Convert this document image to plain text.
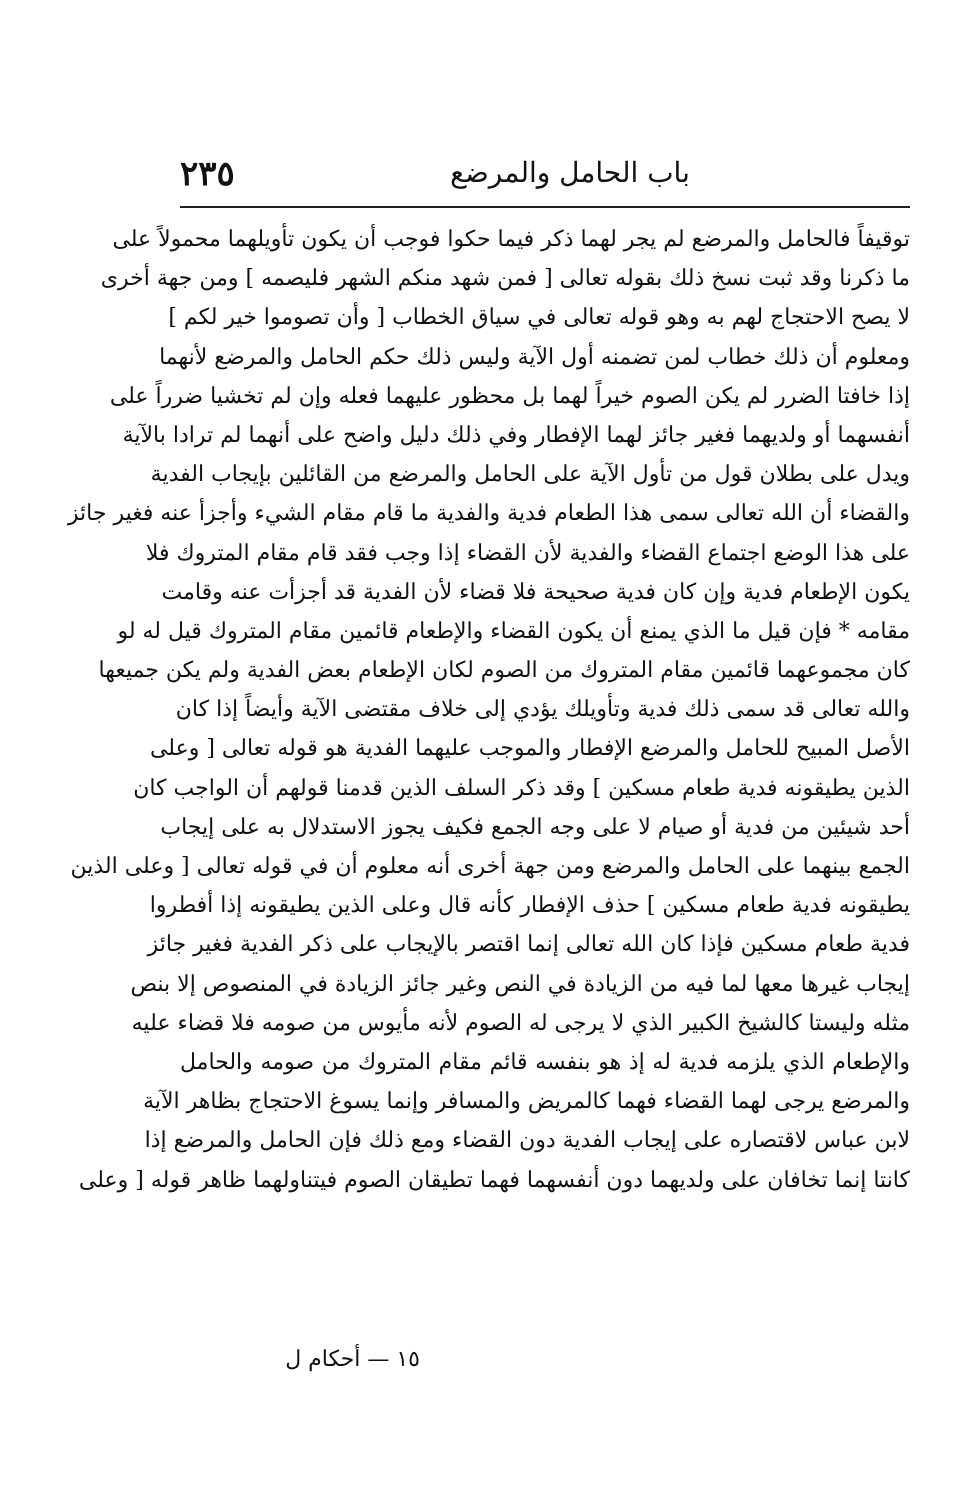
باب الحامل والمرضع
٢٣٥
توقيفاً فالحامل والمرضع لم يجر لهما ذكر فيما حكوا فوجب أن يكون تأويلهما محمولاً على
ما ذكرنا وقد ثبت نسخ ذلك بقوله تعالى [ فمن شهد منكم الشهر فليصمه ] ومن جهة أخرى
لا يصح الاحتجاج لهم به وهو قوله تعالى في سياق الخطاب [ وأن تصوموا خير لكم ]
ومعلوم أن ذلك خطاب لمن تضمنه أول الآية وليس ذلك حكم الحامل والمرضع لأنهما
إذا خافتا الضرر لم يكن الصوم خيراً لهما بل محظور عليهما فعله وإن لم تخشيا ضرراً على
أنفسهما أو ولديهما فغير جائز لهما الإفطار وفي ذلك دليل واضح على أنهما لم ترادا بالآية
ويدل على بطلان قول من تأول الآية على الحامل والمرضع من القائلين بإيجاب الفدية
والقضاء أن الله تعالى سمى هذا الطعام فدية والفدية ما قام مقام الشيء وأجزأ عنه فغير جائز
على هذا الوضع اجتماع القضاء والفدية لأن القضاء إذا وجب فقد قام مقام المتروك فلا
يكون الإطعام فدية وإن كان فدية صحيحة فلا قضاء لأن الفدية قد أجزأت عنه وقامت
مقامه * فإن قيل ما الذي يمنع أن يكون القضاء والإطعام قائمين مقام المتروك قيل له لو
كان مجموعهما قائمين مقام المتروك من الصوم لكان الإطعام بعض الفدية ولم يكن جميعها
والله تعالى قد سمى ذلك فدية وتأويلك يؤدي إلى خلاف مقتضى الآية وأيضاً إذا كان
الأصل المبيح للحامل والمرضع الإفطار والموجب عليهما الفدية هو قوله تعالى [ وعلى
الذين يطيقونه فدية طعام مسكين ] وقد ذكر السلف الذين قدمنا قولهم أن الواجب كان
أحد شيئين من فدية أو صيام لا على وجه الجمع فكيف يجوز الاستدلال به على إيجاب
الجمع بينهما على الحامل والمرضع ومن جهة أخرى أنه معلوم أن في قوله تعالى [ وعلى الذين
يطيقونه فدية طعام مسكين ] حذف الإفطار كأنه قال وعلى الذين يطيقونه إذا أفطروا
فدية طعام مسكين فإذا كان الله تعالى إنما اقتصر بالإيجاب على ذكر الفدية فغير جائز
إيجاب غيرها معها لما فيه من الزيادة في النص وغير جائز الزيادة في المنصوص إلا بنص
مثله وليستا كالشيخ الكبير الذي لا يرجى له الصوم لأنه مأيوس من صومه فلا قضاء عليه
والإطعام الذي يلزمه فدية له إذ هو بنفسه قائم مقام المتروك من صومه والحامل
والمرضع يرجى لهما القضاء فهما كالمريض والمسافر وإنما يسوغ الاحتجاج بظاهر الآية
لابن عباس لاقتصاره على إيجاب الفدية دون القضاء ومع ذلك فإن الحامل والمرضع إذا
كانتا إنما تخافان على ولديهما دون أنفسهما فهما تطيقان الصوم فيتناولهما ظاهر قوله [ وعلى
١٥ — أحكام ل
